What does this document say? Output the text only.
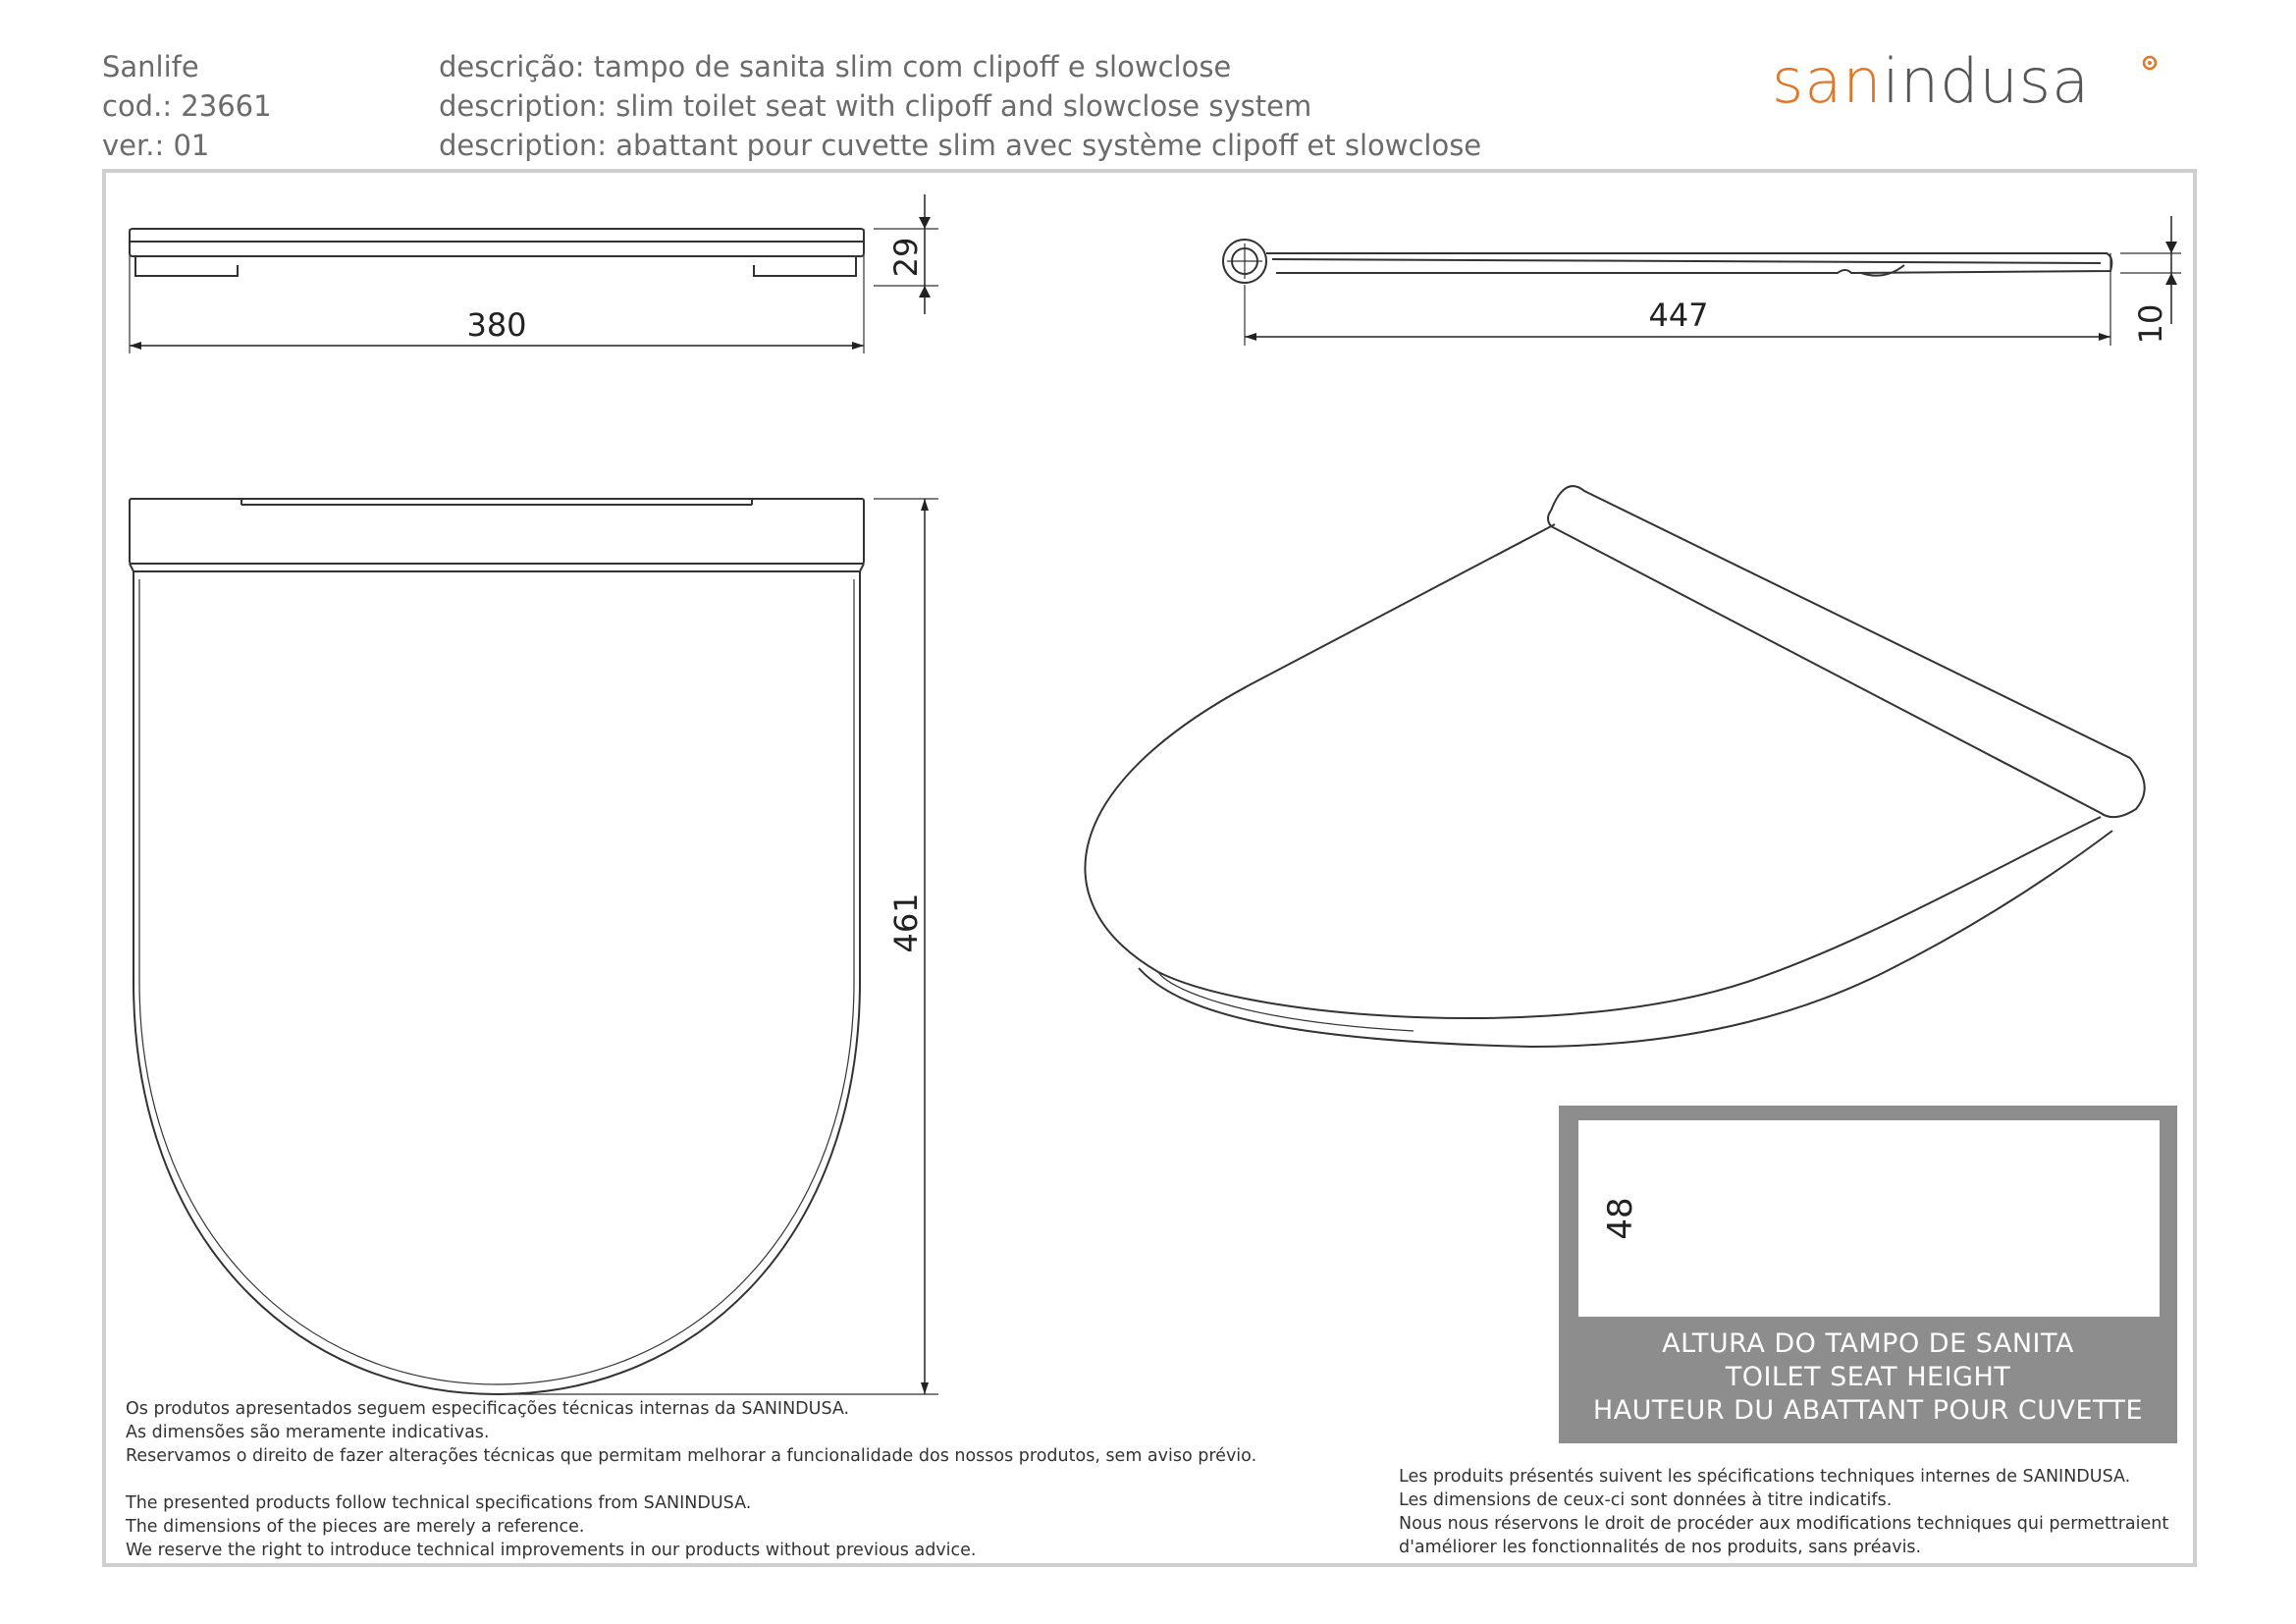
Sanlife
cod.: 23661
ver.: 01
descrição: tampo de sanita slim com clipoff e slowclose
description: slim toilet seat with clipoff and slowclose system
description: abattant pour cuvette slim avec système clipoff et slowclose
sanindusa
380
29
447	10
461
48
ALTURA DO TAMPO DE SANITA
TOILET SEAT HEIGHT
HAUTEUR DU ABATTANT POUR CUVETTE
Os produtos apresentados seguem especificações técnicas internas da SANINDUSA.
As dimensões são meramente indicativas.
Reservamos o direito de fazer alterações técnicas que permitam melhorar a funcionalidade dos nossos produtos, sem aviso prévio.
The presented products follow technical specifications from SANINDUSA.
The dimensions of the pieces are merely a reference.
We reserve the right to introduce technical improvements in our products without previous advice.
Les produits présentés suivent les spécifications techniques internes de SANINDUSA.
Les dimensions de ceux-ci sont données à titre indicatifs.
Nous nous réservons le droit de procéder aux modifications techniques qui permettraient
d'améliorer les fonctionnalités de nos produits, sans préavis.
